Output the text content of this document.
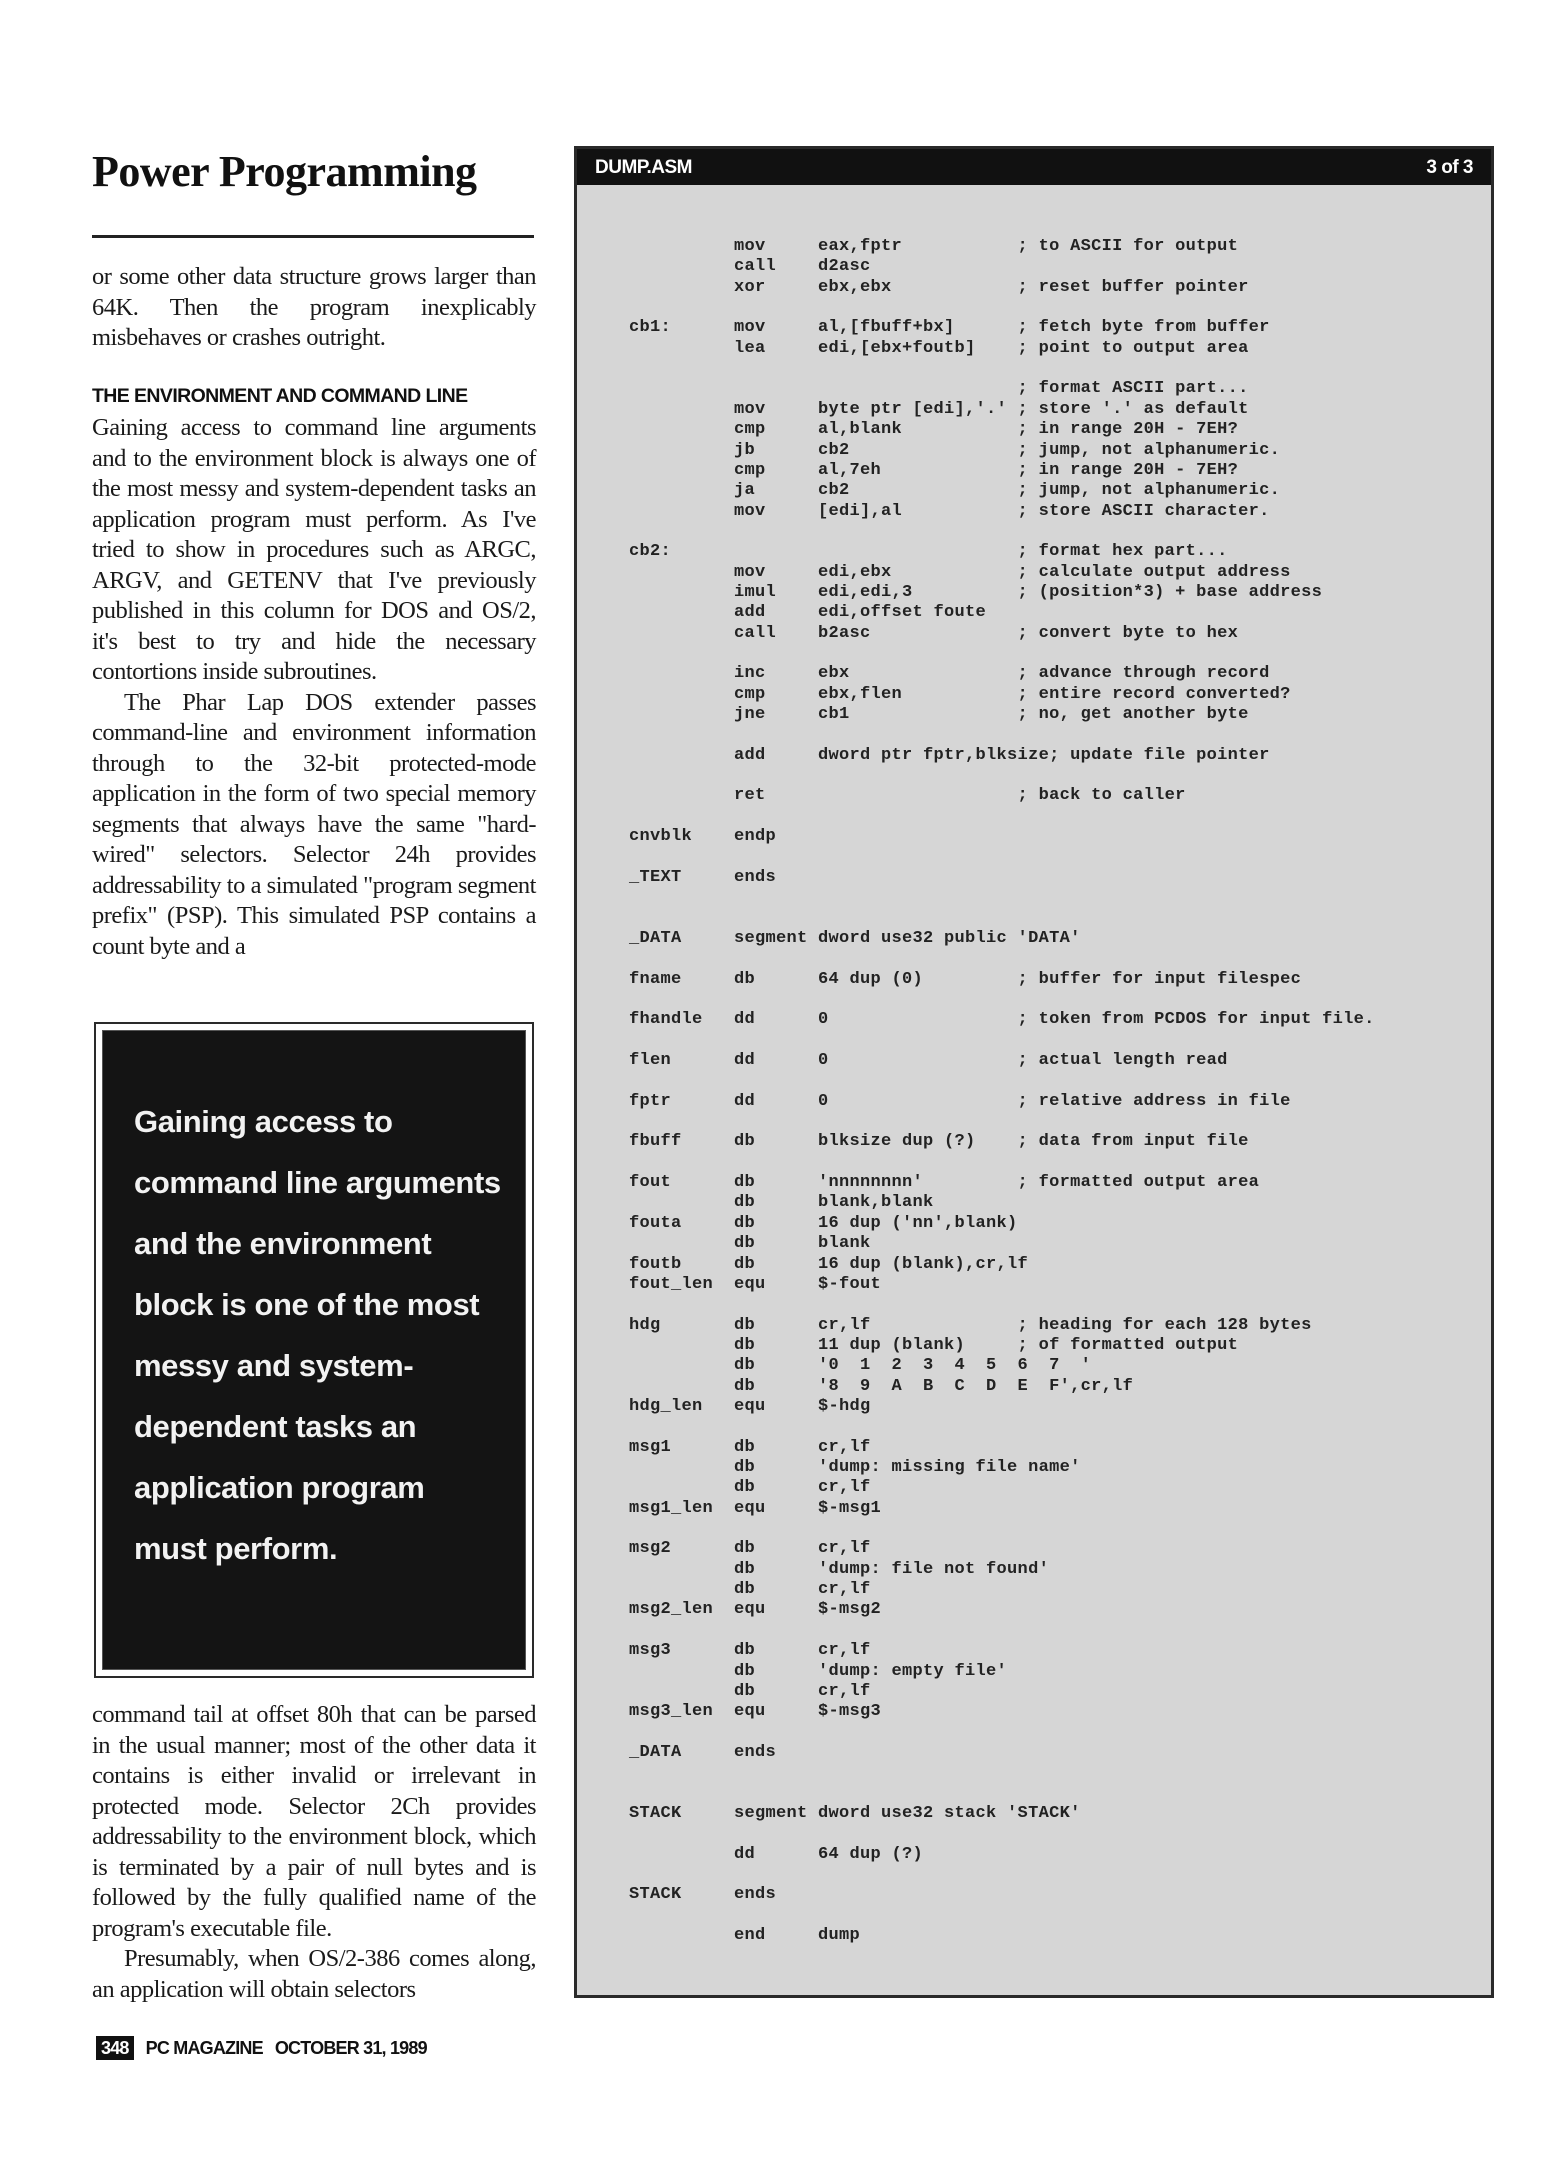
Power Programming

or some other data structure grows larger than 64K. Then the program inexplicably misbehaves or crashes outright.

THE ENVIRONMENT AND COMMAND LINE

Gaining access to command line arguments and to the environment block is always one of the most messy and system-dependent tasks an application program must perform. As I've tried to show in procedures such as ARGC, ARGV, and GETENV that I've previously published in this column for DOS and OS/2, it's best to try and hide the necessary contortions inside subroutines.

The Phar Lap DOS extender passes command-line and environment information through to the 32-bit protected-mode application in the form of two special memory segments that always have the same "hard-wired" selectors. Selector 24h provides addressability to a simulated "program segment prefix" (PSP). This simulated PSP contains a count byte and a

Gaining access to command line arguments and the environment block is one of the most messy and system-dependent tasks an application program must perform.

command tail at offset 80h that can be parsed in the usual manner; most of the other data it contains is either invalid or irrelevant in protected mode. Selector 2Ch provides addressability to the environment block, which is terminated by a pair of null bytes and is followed by the fully qualified name of the program's executable file.

Presumably, when OS/2-386 comes along, an application will obtain selectors

DUMP.ASM	3 of 3
mov     eax,fptr           ; to ASCII for output
call    d2asc
xor     ebx,ebx            ; reset buffer pointer
cb1:      mov     al,[fbuff+bx]      ; fetch byte from buffer
lea     edi,[ebx+foutb]    ; point to output area
; format ASCII part...
mov     byte ptr [edi],'.' ; store '.' as default
cmp     al,blank           ; in range 20H - 7EH?
jb      cb2                ; jump, not alphanumeric.
cmp     al,7eh             ; in range 20H - 7EH?
ja      cb2                ; jump, not alphanumeric.
mov     [edi],al           ; store ASCII character.
cb2:                                 ; format hex part...
mov     edi,ebx            ; calculate output address
imul    edi,edi,3          ; (position*3) + base address
add     edi,offset foute
call    b2asc              ; convert byte to hex
inc     ebx                ; advance through record
cmp     ebx,flen           ; entire record converted?
jne     cb1                ; no, get another byte
add     dword ptr fptr,blksize; update file pointer
ret                        ; back to caller
cnvblk    endp
_TEXT     ends
_DATA     segment dword use32 public 'DATA'
fname     db      64 dup (0)         ; buffer for input filespec
fhandle   dd      0                  ; token from PCDOS for input file.
flen      dd      0                  ; actual length read
fptr      dd      0                  ; relative address in file
fbuff     db      blksize dup (?)    ; data from input file
fout      db      'nnnnnnnn'         ; formatted output area
db      blank,blank
fouta     db      16 dup ('nn',blank)
db      blank
foutb     db      16 dup (blank),cr,lf
fout_len  equ     $-fout
hdg       db      cr,lf              ; heading for each 128 bytes
db      11 dup (blank)     ; of formatted output
db      '0  1  2  3  4  5  6  7  '
db      '8  9  A  B  C  D  E  F',cr,lf
hdg_len   equ     $-hdg
msg1      db      cr,lf
db      'dump: missing file name'
db      cr,lf
msg1_len  equ     $-msg1
msg2      db      cr,lf
db      'dump: file not found'
db      cr,lf
msg2_len  equ     $-msg2
msg3      db      cr,lf
db      'dump: empty file'
db      cr,lf
msg3_len  equ     $-msg3
_DATA     ends
STACK     segment dword use32 stack 'STACK'
dd      64 dup (?)
STACK     ends
end     dump
348 PC MAGAZINE OCTOBER 31, 1989
